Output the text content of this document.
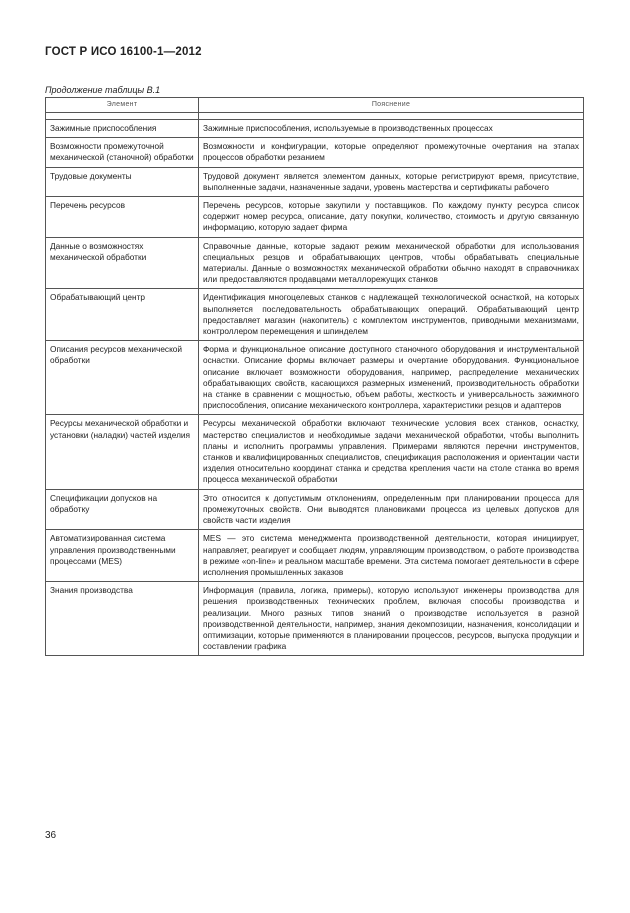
ГОСТ Р ИСО 16100-1—2012
Продолжение таблицы В.1
Элемент	Пояснение

Зажимные приспособления	Зажимные приспособления, используемые в производственных процессах
Возможности промежуточной механической (станочной) обработки	Возможности и конфигурации, которые определяют промежуточные очертания на этапах процессов обработки резанием
Трудовые документы	Трудовой документ является элементом данных, которые регистрируют время, присутствие, выполненные задачи, назначенные задачи, уровень мастерства и сертификаты рабочего
Перечень ресурсов	Перечень ресурсов, которые закупили у поставщиков. По каждому пункту ресурса список содержит номер ресурса, описание, дату покупки, количество, стоимость и другую связанную информацию, которую задает фирма
Данные о возможностях механической обработки	Справочные данные, которые задают режим механической обработки для использования специальных резцов и обрабатывающих центров, чтобы обрабатывать специальные материалы. Данные о возможностях механической обработки обычно находят в справочниках или предоставляются продавцами металлорежущих станков
Обрабатывающий центр	Идентификация многоцелевых станков с надлежащей технологической оснасткой, на которых выполняется последовательность обрабатывающих операций. Обрабатывающий центр предоставляет магазин (накопитель) с комплектом инструментов, приводными механизмами, контроллером перемещения и шпинделем
Описания ресурсов механической обработки	Форма и функциональное описание доступного станочного оборудования и инструментальной оснастки. Описание формы включает размеры и очертание оборудования. Функциональное описание включает возможности оборудования, например, распределение механических обрабатывающих свойств, касающихся размерных изменений, производительность обработки на станке в сравнении с мощностью, объем работы, жесткость и универсальность зажимного приспособления, описание механического контроллера, характеристики резцов и адаптеров
Ресурсы механической обработки и установки (наладки) частей изделия	Ресурсы механической обработки включают технические условия всех станков, оснастку, мастерство специалистов и необходимые задачи механической обработки, чтобы выполнить планы и исполнить программы управления. Примерами являются перечни инструментов, станков и квалифицированных специалистов, спецификация расположения и ориентации части изделия относительно координат станка и средства крепления части на столе станка во время процесса механической обработки
Спецификации допусков на обработку	Это относится к допустимым отклонениям, определенным при планировании процесса для промежуточных свойств. Они выводятся плановиками процесса из целевых допусков для свойств части изделия
Автоматизированная система управления производственными процессами (MES)	MES — это система менеджмента производственной деятельности, которая инициирует, направляет, реагирует и сообщает людям, управляющим производством, о работе производства в режиме «on-line» и реальном масштабе времени. Эта система помогает деятельности в сфере исполнения промышленных заказов
Знания производства	Информация (правила, логика, примеры), которую используют инженеры производства для решения производственных технических проблем, включая способы производства и реализации. Много разных типов знаний о производстве используется в разной производственной деятельности, например, знания декомпозиции, назначения, консолидации и оптимизации, которые применяются в планировании процессов, ресурсов, выпуска продукции и составлении графика
36
